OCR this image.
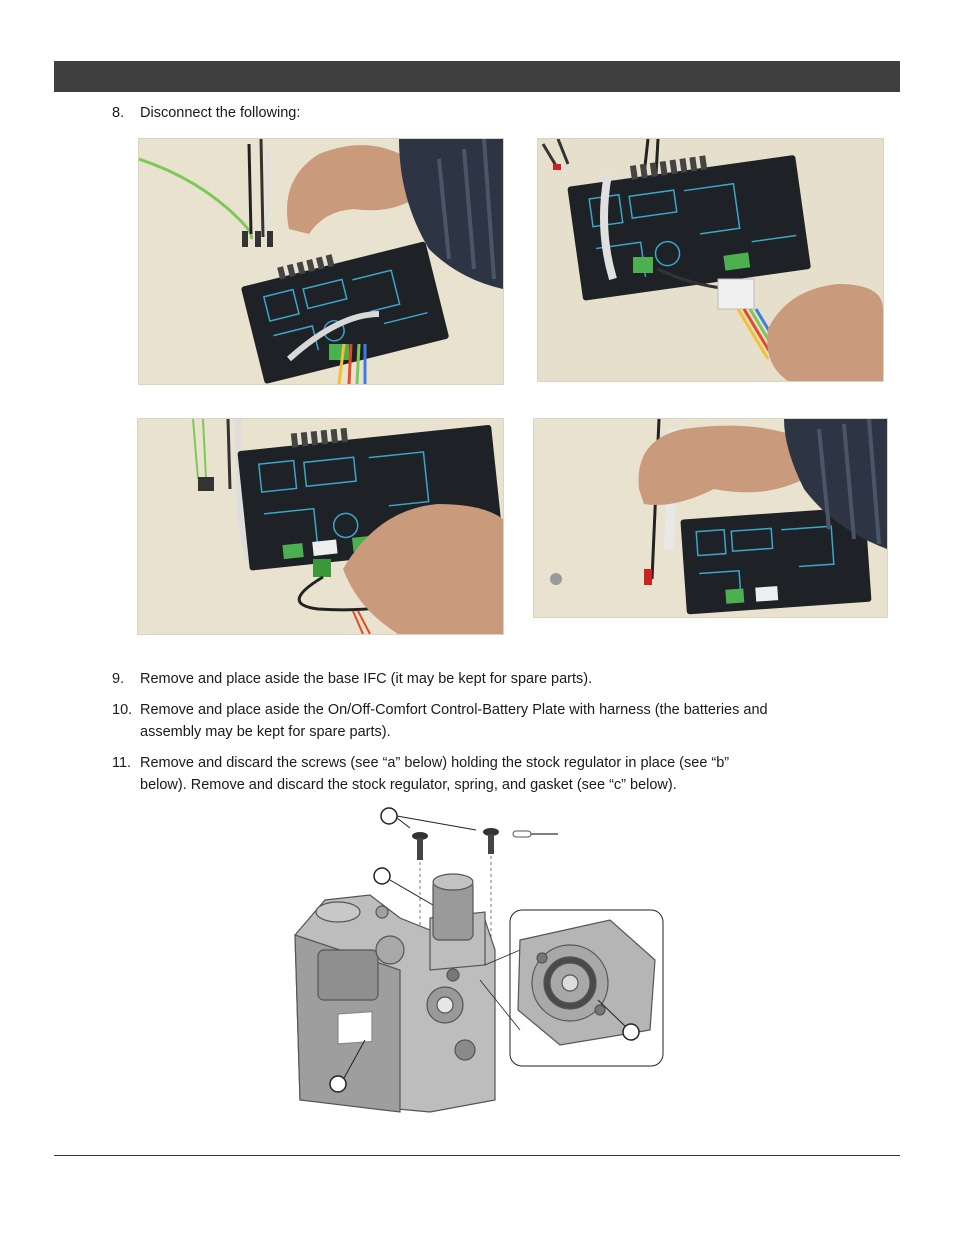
8. Disconnect the following:
9. Remove and place aside the base IFC (it may be kept for spare parts).
10. Remove and place aside the On/Off-Comfort Control-Battery Plate with harness (the batteries and
assembly may be kept for spare parts).
11. Remove and discard the screws (see “a” below) holding the stock regulator in place (see “b”
below). Remove and discard the stock regulator, spring, and gasket (see “c” below).
